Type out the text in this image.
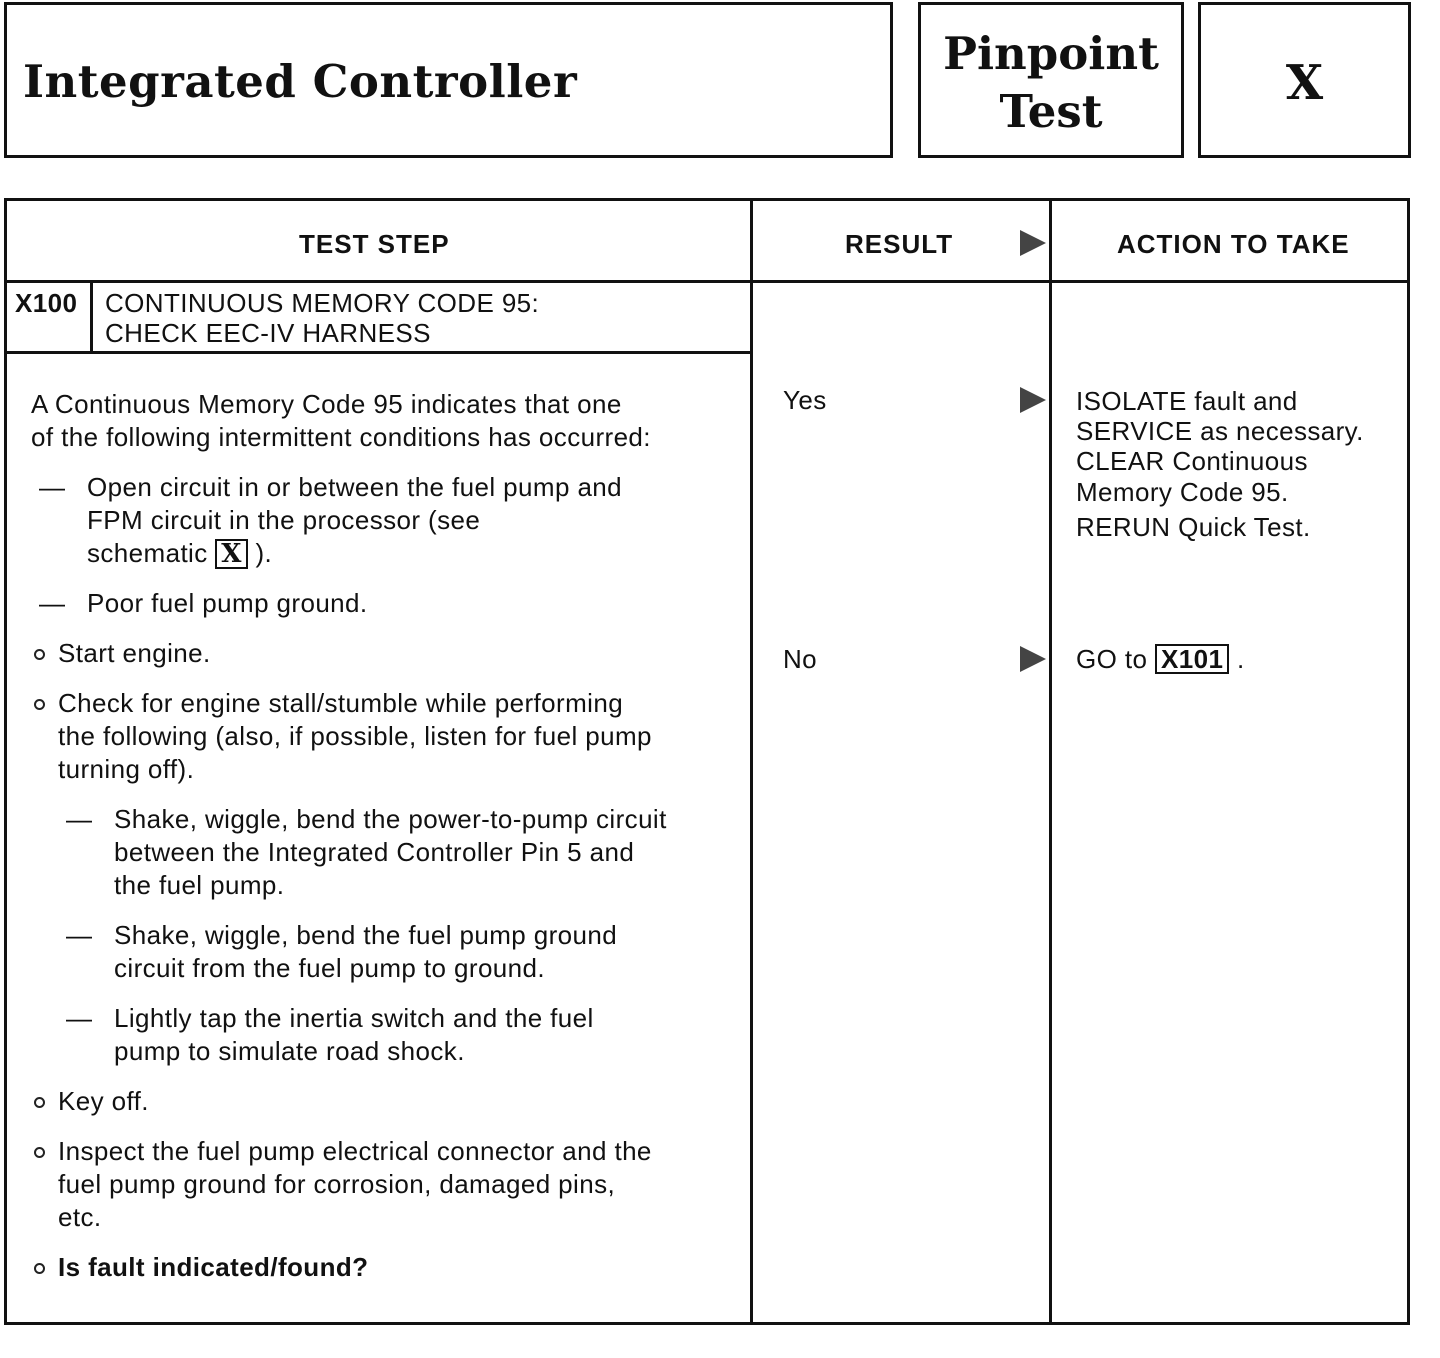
Integrated Controller
Pinpoint
Test
X
TEST STEP	RESULT	ACTION TO TAKE
X100 CONTINUOUS MEMORY CODE 95:
CHECK EEC-IV HARNESS
A Continuous Memory Code 95 indicates that one
of the following intermittent conditions has occurred:
— Open circuit in or between the fuel pump and
FPM circuit in the processor (see
schematic X ).
— Poor fuel pump ground.
Start engine.
Check for engine stall/stumble while performing
the following (also, if possible, listen for fuel pump
turning off).
— Shake, wiggle, bend the power-to-pump circuit
between the Integrated Controller Pin 5 and
the fuel pump.
— Shake, wiggle, bend the fuel pump ground
circuit from the fuel pump to ground.
— Lightly tap the inertia switch and the fuel
pump to simulate road shock.
Key off.
Inspect the fuel pump electrical connector and the
fuel pump ground for corrosion, damaged pins,
etc.
Is fault indicated/found?
Yes
No
ISOLATE fault and
SERVICE as necessary.
CLEAR Continuous
Memory Code 95.
RERUN Quick Test.
GO to X101 .
